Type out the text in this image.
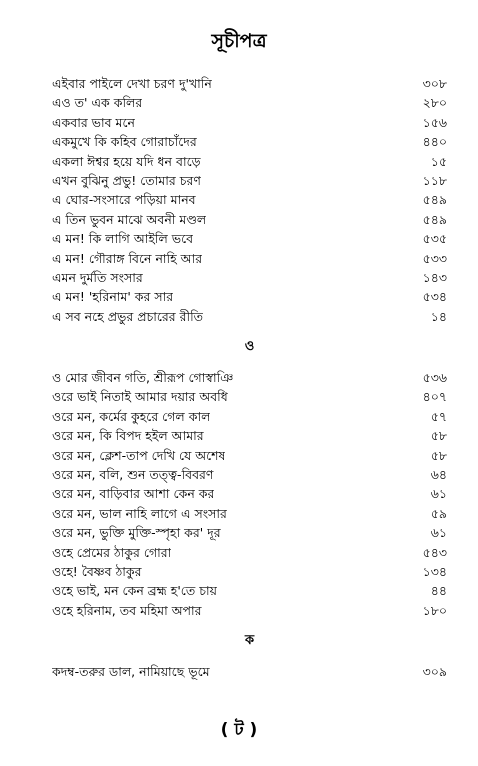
সূচীপত্র
এইবার পাইলে দেখা চরণ দু'খানি	৩০৮
এও ত' এক কলির	২৮০
একবার ভাব মনে	১৫৬
একমুখে কি কহিব গোরাচাঁদের	৪৪০
একলা ঈশ্বর হয়ে যদি ধন বাড়ে	১৫
এখন বুঝিনু প্রভু! তোমার চরণ	১১৮
এ ঘোর-সংসারে পড়িয়া মানব	৫৪৯
এ তিন ভুবন মাঝে অবনী মণ্ডল	৫৪৯
এ মন! কি লাগি আইলি ভবে	৫৩৫
এ মন! গৌরাঙ্গ বিনে নাহি আর	৫৩৩
এমন দুর্মতি সংসার	১৪৩
এ মন! 'হরিনাম' কর সার	৫৩৪
এ সব নহে প্রভুর প্রচারের রীতি	১৪
ও
ও মোর জীবন গতি, শ্রীরূপ গোস্বাঞি	৫৩৬
ওরে ভাই নিতাই আমার দয়ার অবধি	৪০৭
ওরে মন, কর্মের কুহরে গেল কাল	৫৭
ওরে মন, কি বিপদ হইল আমার	৫৮
ওরে মন, ক্লেশ-তাপ দেখি যে অশেষ	৫৮
ওরে মন, বলি, শুন তত্ত্ব-বিবরণ	৬৪
ওরে মন, বাড়িবার আশা কেন কর	৬১
ওরে মন, ভাল নাহি লাগে এ সংসার	৫৯
ওরে মন, ভুক্তি মুক্তি-স্পৃহা কর' দূর	৬১
ওহে প্রেমের ঠাকুর গোরা	৫৪৩
ওহে! বৈষ্ণব ঠাকুর	১৩৪
ওহে ভাই, মন কেন ব্রহ্ম হ'তে চায়	৪৪
ওহে হরিনাম, তব মহিমা অপার	১৮০
ক
কদম্ব-তরুর ডাল, নামিয়াছে ভূমে	৩০৯
( ট )
